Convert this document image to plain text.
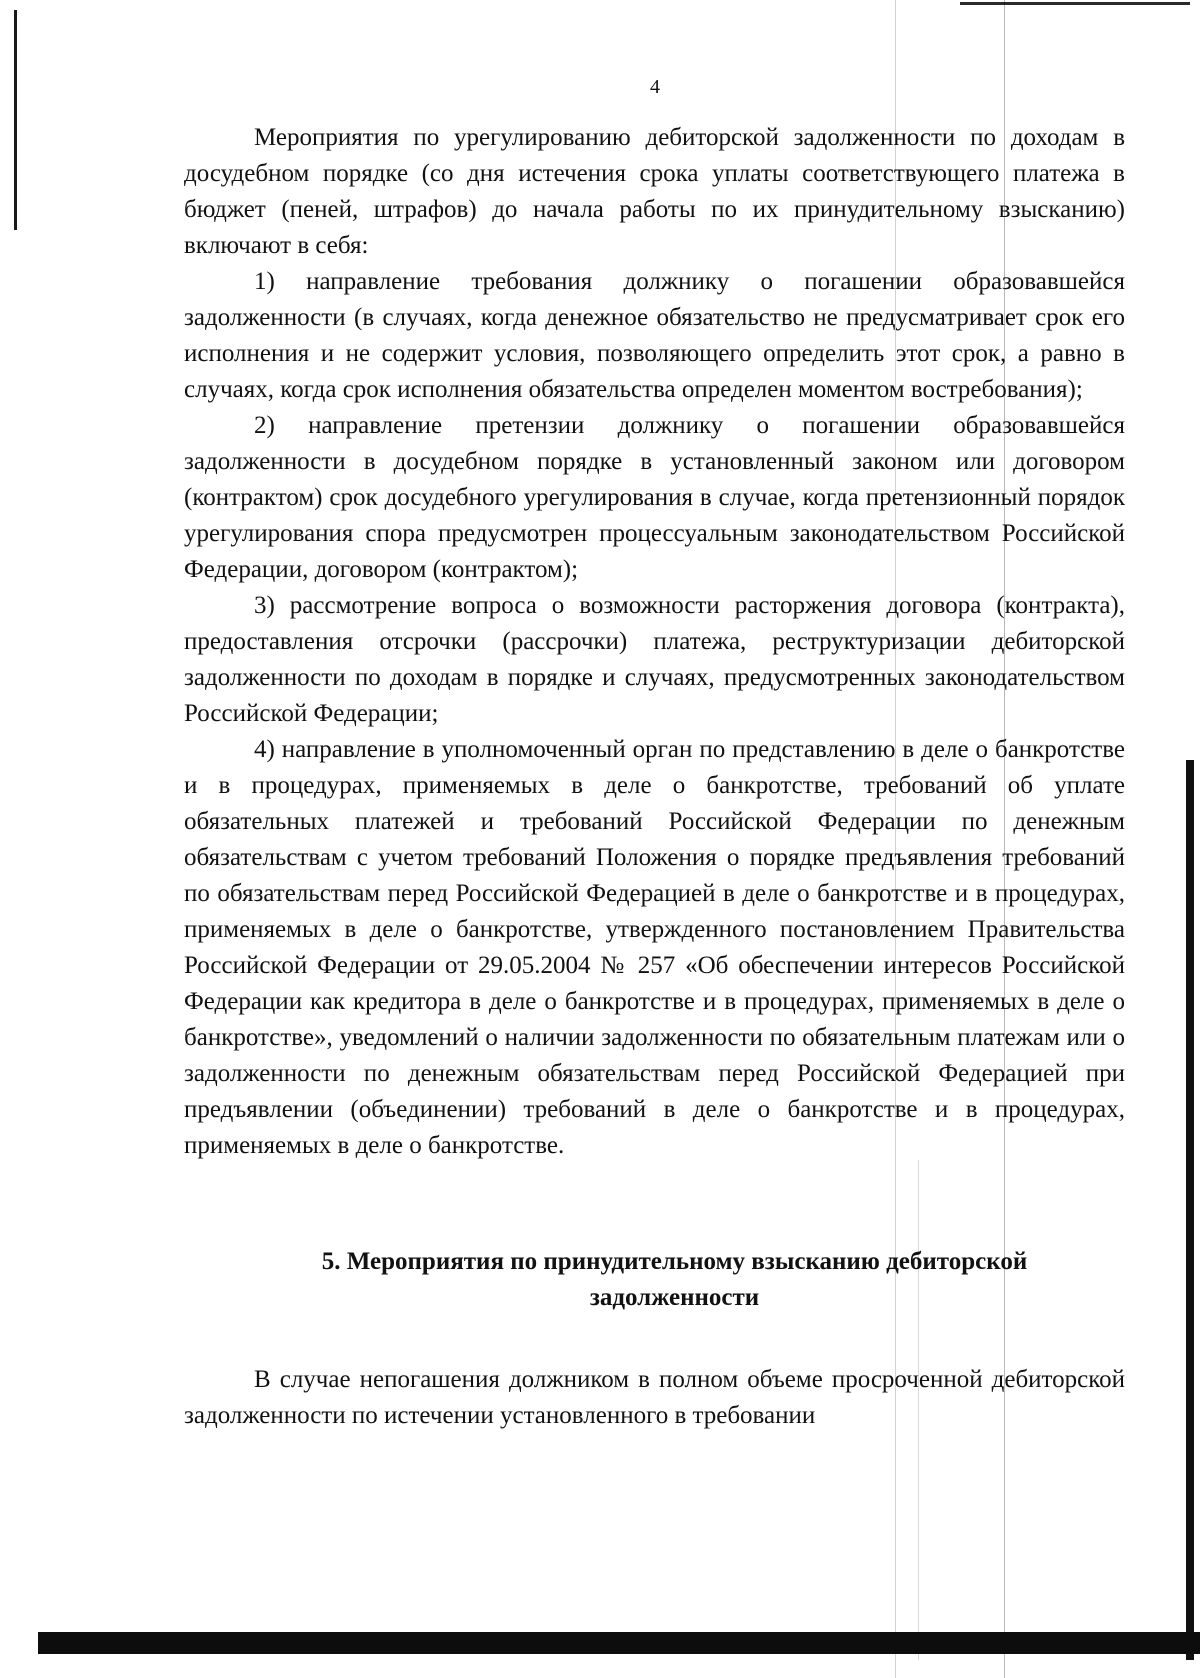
4

Мероприятия по урегулированию дебиторской задолженности по доходам в досудебном порядке (со дня истечения срока уплаты соответствующего платежа в бюджет (пеней, штрафов) до начала работы по их принудительному взысканию) включают в себя:

1) направление требования должнику о погашении образовавшейся задолженности (в случаях, когда денежное обязательство не предусматривает срок его исполнения и не содержит условия, позволяющего определить этот срок, а равно в случаях, когда срок исполнения обязательства определен моментом востребования);

2) направление претензии должнику о погашении образовавшейся задолженности в досудебном порядке в установленный законом или договором (контрактом) срок досудебного урегулирования в случае, когда претензионный порядок урегулирования спора предусмотрен процессуальным законодательством Российской Федерации, договором (контрактом);

3) рассмотрение вопроса о возможности расторжения договора (контракта), предоставления отсрочки (рассрочки) платежа, реструктуризации дебиторской задолженности по доходам в порядке и случаях, предусмотренных законодательством Российской Федерации;

4) направление в уполномоченный орган по представлению в деле о банкротстве и в процедурах, применяемых в деле о банкротстве, требований об уплате обязательных платежей и требований Российской Федерации по денежным обязательствам с учетом требований Положения о порядке предъявления требований по обязательствам перед Российской Федерацией в деле о банкротстве и в процедурах, применяемых в деле о банкротстве, утвержденного постановлением Правительства Российской Федерации от 29.05.2004 № 257 «Об обеспечении интересов Российской Федерации как кредитора в деле о банкротстве и в процедурах, применяемых в деле о банкротстве», уведомлений о наличии задолженности по обязательным платежам или о задолженности по денежным обязательствам перед Российской Федерацией при предъявлении (объединении) требований в деле о банкротстве и в процедурах, применяемых в деле о банкротстве.

5. Мероприятия по принудительному взысканию дебиторской задолженности

В случае непогашения должником в полном объеме просроченной дебиторской задолженности по истечении установленного в требовании
